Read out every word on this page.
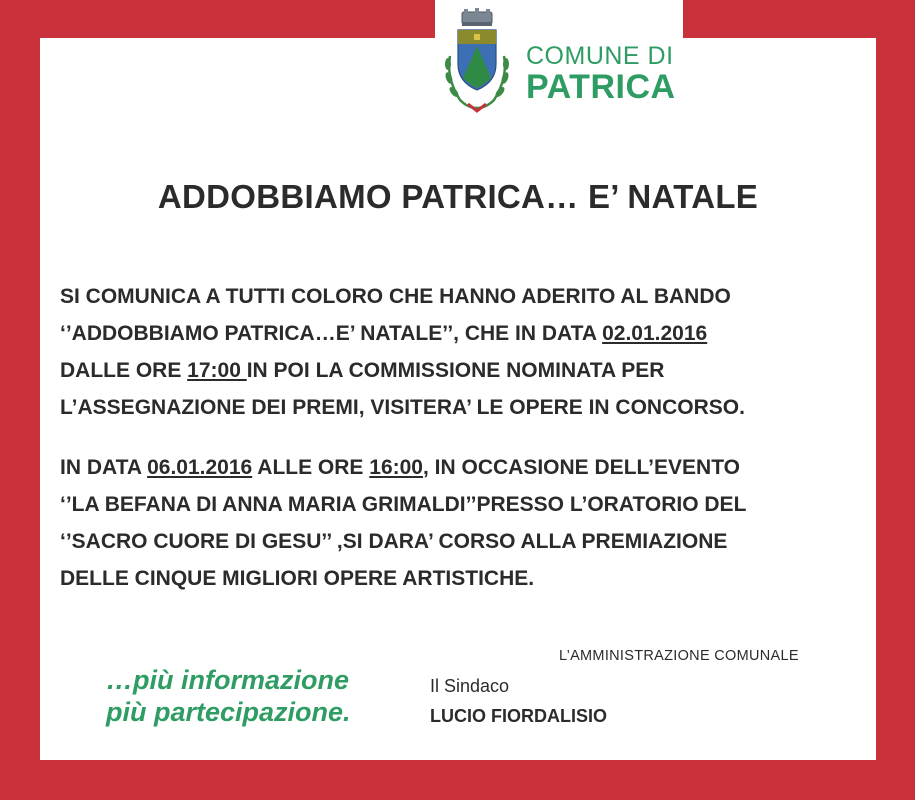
COMUNE DI
PATRICA
ADDOBBIAMO PATRICA… E’ NATALE

SI COMUNICA A TUTTI COLORO CHE HANNO ADERITO AL BANDO
‘’ADDOBBIAMO PATRICA…E’ NATALE’’, CHE IN DATA 02.01.2016
DALLE ORE 17:00 IN POI LA COMMISSIONE NOMINATA PER
L’ASSEGNAZIONE DEI PREMI, VISITERA’ LE OPERE IN CONCORSO.

IN DATA 06.01.2016 ALLE ORE 16:00, IN OCCASIONE DELL’EVENTO
‘’LA BEFANA DI ANNA MARIA GRIMALDI’’PRESSO L’ORATORIO DEL
‘’SACRO CUORE DI GESU’’ ,SI DARA’ CORSO ALLA PREMIAZIONE
DELLE CINQUE MIGLIORI OPERE ARTISTICHE.

L’AMMINISTRAZIONE COMUNALE
…più informazione
più partecipazione.
Il Sindaco
LUCIO FIORDALISIO
